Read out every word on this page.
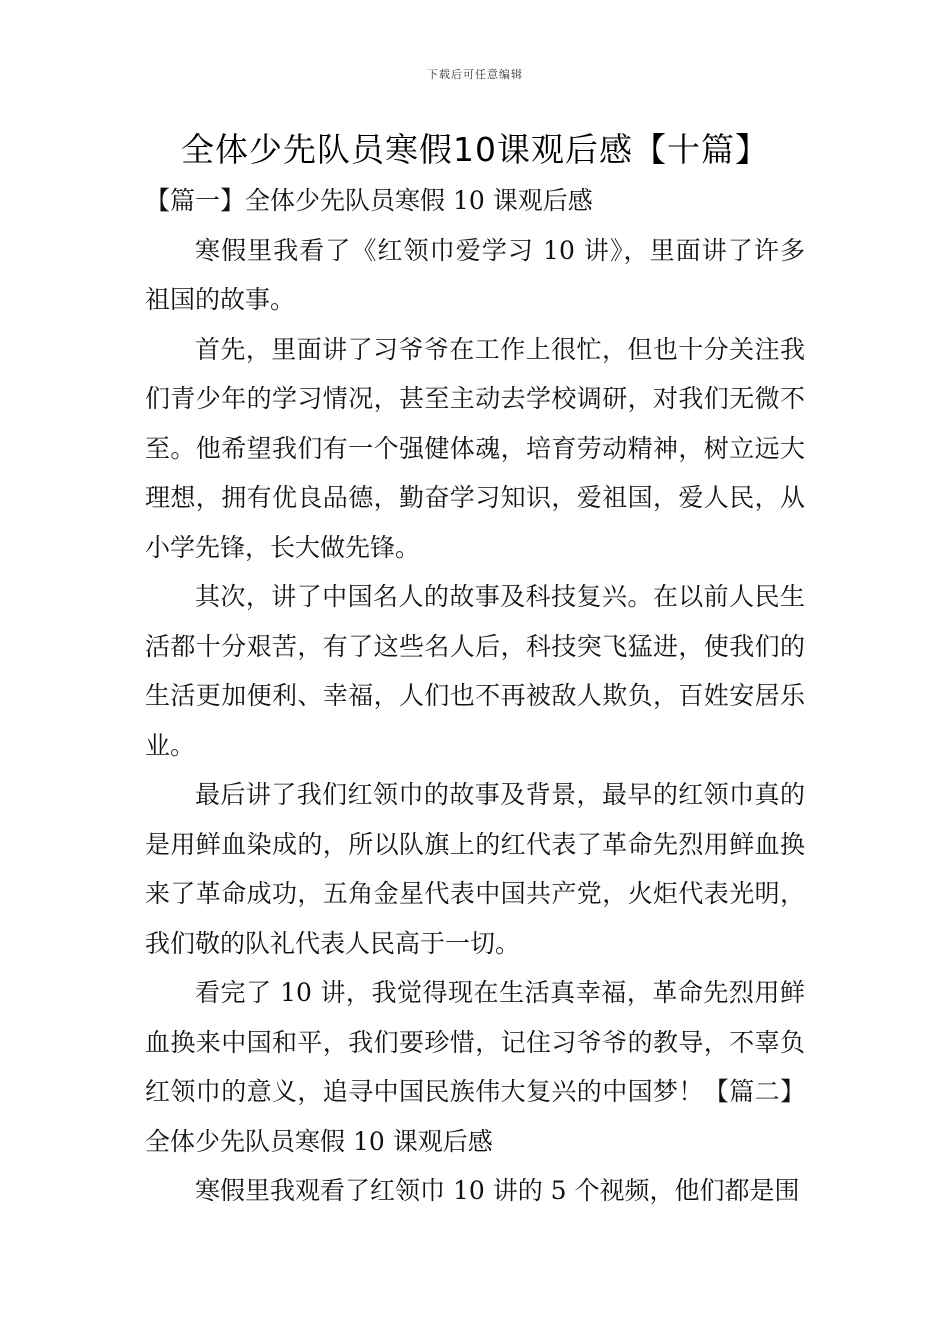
下载后可任意编辑
全体少先队员寒假10课观后感【十篇】

【篇一】全体少先队员寒假 10 课观后感

寒假里我看了《红领巾爱学习 10 讲》，里面讲了许多祖国的故事。

首先，里面讲了习爷爷在工作上很忙，但也十分关注我们青少年的学习情况，甚至主动去学校调研，对我们无微不至。他希望我们有一个强健体魂，培育劳动精神，树立远大理想，拥有优良品德，勤奋学习知识，爱祖国，爱人民，从小学先锋，长大做先锋。

其次，讲了中国名人的故事及科技复兴。在以前人民生活都十分艰苦，有了这些名人后，科技突飞猛进，使我们的生活更加便利、幸福，人们也不再被敌人欺负，百姓安居乐业。

最后讲了我们红领巾的故事及背景，最早的红领巾真的是用鲜血染成的，所以队旗上的红代表了革命先烈用鲜血换来了革命成功，五角金星代表中国共产党，火炬代表光明，我们敬的队礼代表人民高于一切。

看完了 10 讲，我觉得现在生活真幸福，革命先烈用鲜血换来中国和平，我们要珍惜，记住习爷爷的教导，不辜负红领巾的意义，追寻中国民族伟大复兴的中国梦！【篇二】全体少先队员寒假 10 课观后感

寒假里我观看了红领巾 10 讲的 5 个视频，他们都是围
